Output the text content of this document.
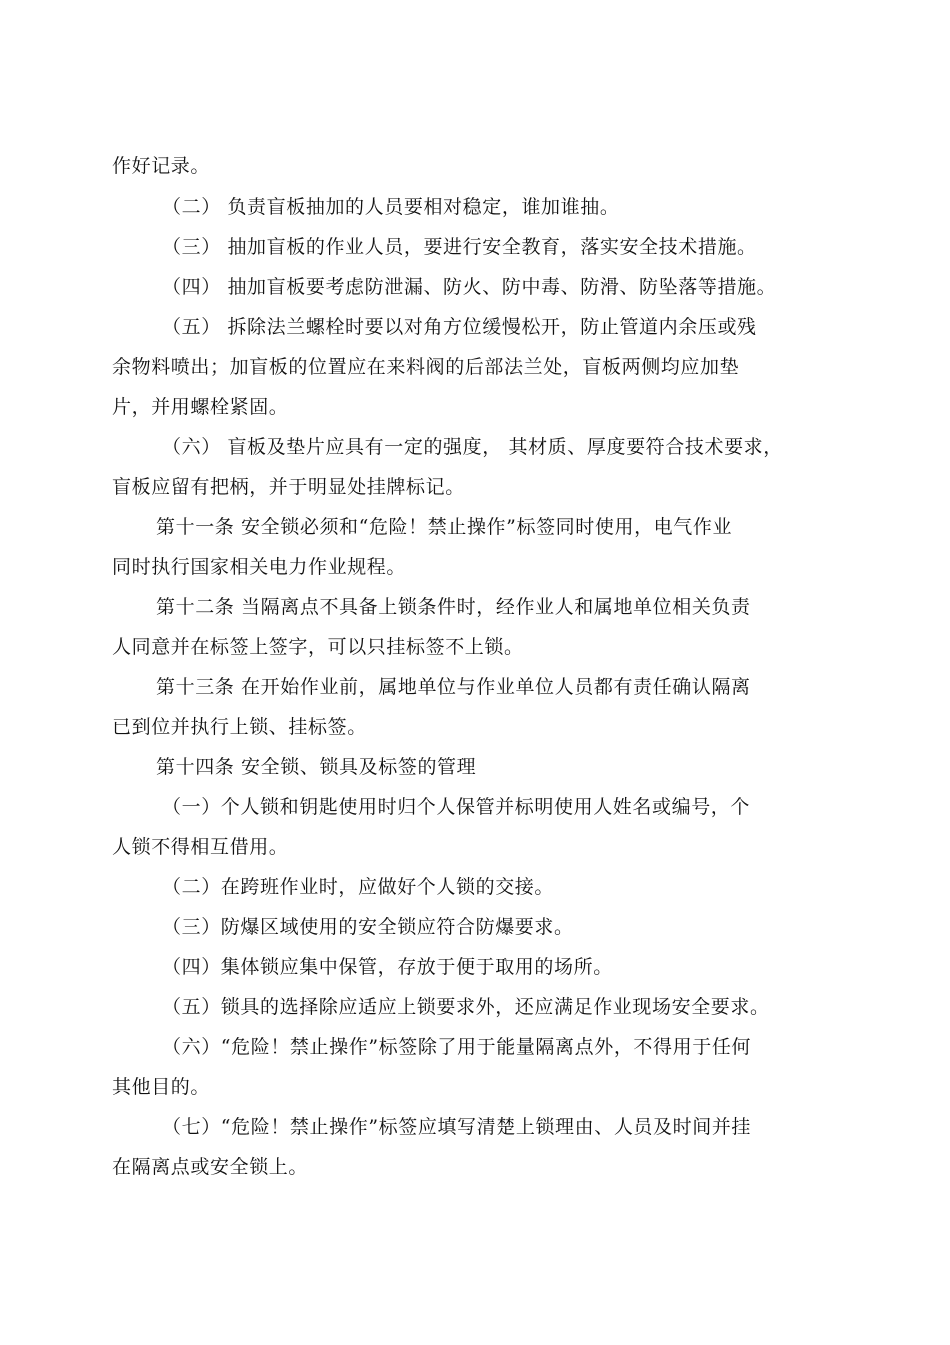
作好记录。
（二） 负责盲板抽加的人员要相对稳定，谁加谁抽。
（三） 抽加盲板的作业人员，要进行安全教育，落实安全技术措施。
（四） 抽加盲板要考虑防泄漏、防火、防中毒、防滑、防坠落等措施。
（五） 拆除法兰螺栓时要以对角方位缓慢松开，防止管道内余压或残
余物料喷出；加盲板的位置应在来料阀的后部法兰处，盲板两侧均应加垫
片，并用螺栓紧固。
（六） 盲板及垫片应具有一定的强度， 其材质、厚度要符合技术要求，
盲板应留有把柄，并于明显处挂牌标记。
第十一条 安全锁必须和“危险！禁止操作”标签同时使用，电气作业
同时执行国家相关电力作业规程。
第十二条 当隔离点不具备上锁条件时，经作业人和属地单位相关负责
人同意并在标签上签字，可以只挂标签不上锁。
第十三条 在开始作业前，属地单位与作业单位人员都有责任确认隔离
已到位并执行上锁、挂标签。
第十四条 安全锁、锁具及标签的管理
（一）个人锁和钥匙使用时归个人保管并标明使用人姓名或编号，个
人锁不得相互借用。
（二）在跨班作业时，应做好个人锁的交接。
（三）防爆区域使用的安全锁应符合防爆要求。
（四）集体锁应集中保管，存放于便于取用的场所。
（五）锁具的选择除应适应上锁要求外，还应满足作业现场安全要求。
（六）“危险！禁止操作”标签除了用于能量隔离点外，不得用于任何
其他目的。
（七）“危险！禁止操作”标签应填写清楚上锁理由、人员及时间并挂
在隔离点或安全锁上。
